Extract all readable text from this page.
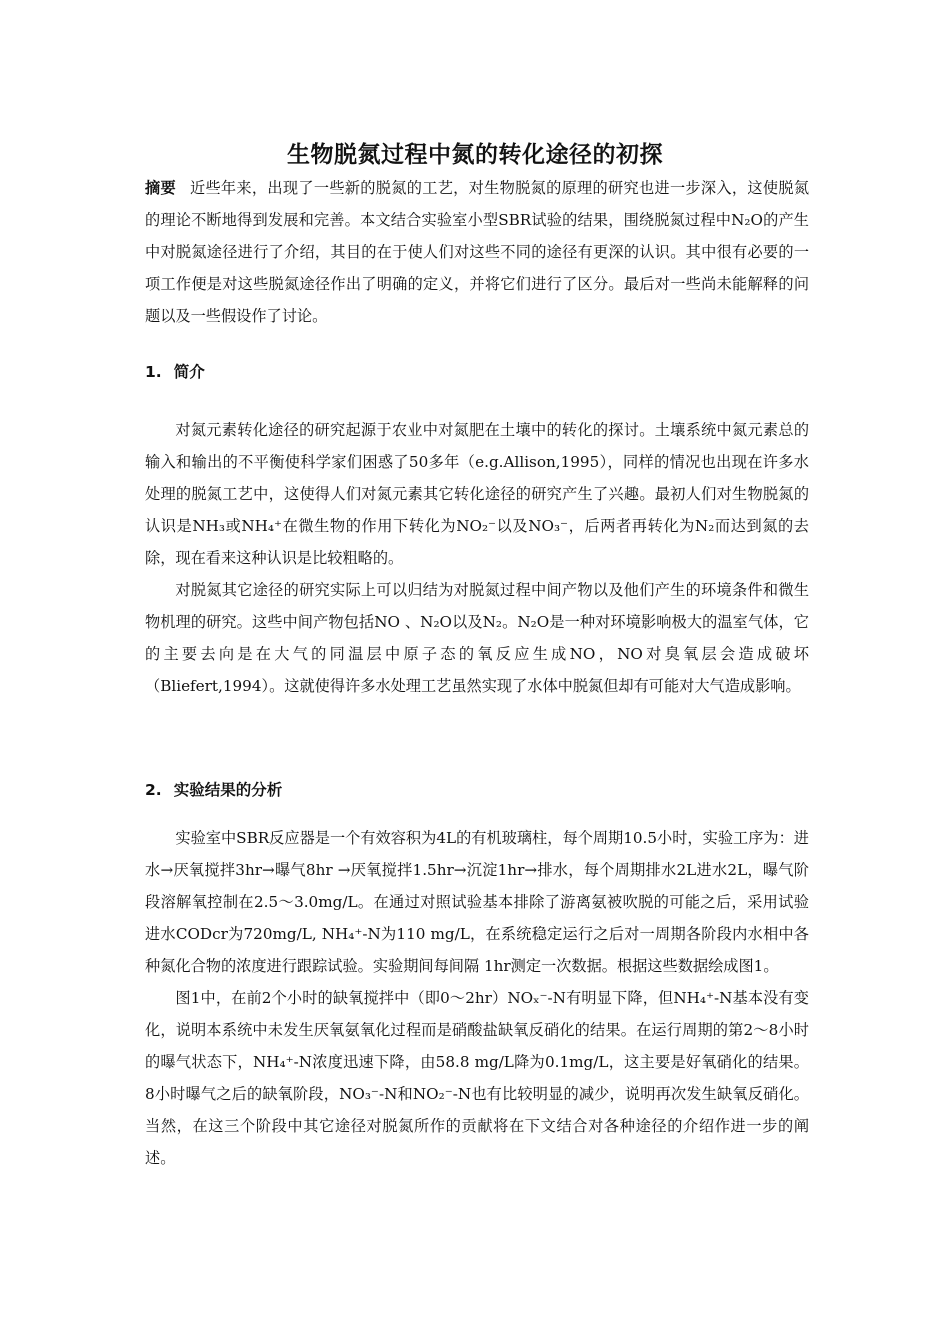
生物脱氮过程中氮的转化途径的初探
摘要 近些年来，出现了一些新的脱氮的工艺，对生物脱氮的原理的研究也进一步深入，这使脱氮的理论不断地得到发展和完善。本文结合实验室小型SBR试验的结果，围绕脱氮过程中N₂O的产生中对脱氮途径进行了介绍，其目的在于使人们对这些不同的途径有更深的认识。其中很有必要的一项工作便是对这些脱氮途径作出了明确的定义，并将它们进行了区分。最后对一些尚未能解释的问题以及一些假设作了讨论。
1. 简介

对氮元素转化途径的研究起源于农业中对氮肥在土壤中的转化的探讨。土壤系统中氮元素总的输入和输出的不平衡使科学家们困惑了50多年（e.g.Allison,1995），同样的情况也出现在许多水处理的脱氮工艺中，这使得人们对氮元素其它转化途径的研究产生了兴趣。最初人们对生物脱氮的认识是NH₃或NH₄⁺在微生物的作用下转化为NO₂⁻以及NO₃⁻，后两者再转化为N₂而达到氮的去除，现在看来这种认识是比较粗略的。

对脱氮其它途径的研究实际上可以归结为对脱氮过程中间产物以及他们产生的环境条件和微生物机理的研究。这些中间产物包括NO 、N₂O以及N₂。N₂O是一种对环境影响极大的温室气体，它的主要去向是在大气的同温层中原子态的氧反应生成NO，NO对臭氧层会造成破坏（Bliefert,1994）。这就使得许多水处理工艺虽然实现了水体中脱氮但却有可能对大气造成影响。

2. 实验结果的分析

实验室中SBR反应器是一个有效容积为4L的有机玻璃柱，每个周期10.5小时，实验工序为：进水→厌氧搅拌3hr→曝气8hr →厌氧搅拌1.5hr→沉淀1hr→排水，每个周期排水2L进水2L，曝气阶段溶解氧控制在2.5～3.0mg/L。在通过对照试验基本排除了游离氨被吹脱的可能之后，采用试验进水CODcr为720mg/L, NH₄⁺-N为110 mg/L，在系统稳定运行之后对一周期各阶段内水相中各种氮化合物的浓度进行跟踪试验。实验期间每间隔 1hr测定一次数据。根据这些数据绘成图1。

图1中，在前2个小时的缺氧搅拌中（即0～2hr）NOₓ⁻-N有明显下降，但NH₄⁺-N基本没有变化，说明本系统中未发生厌氧氨氧化过程而是硝酸盐缺氧反硝化的结果。在运行周期的第2～8小时的曝气状态下，NH₄⁺-N浓度迅速下降，由58.8 mg/L降为0.1mg/L，这主要是好氧硝化的结果。8小时曝气之后的缺氧阶段，NO₃⁻-N和NO₂⁻-N也有比较明显的减少，说明再次发生缺氧反硝化。当然，在这三个阶段中其它途径对脱氮所作的贡献将在下文结合对各种途径的介绍作进一步的阐述。
